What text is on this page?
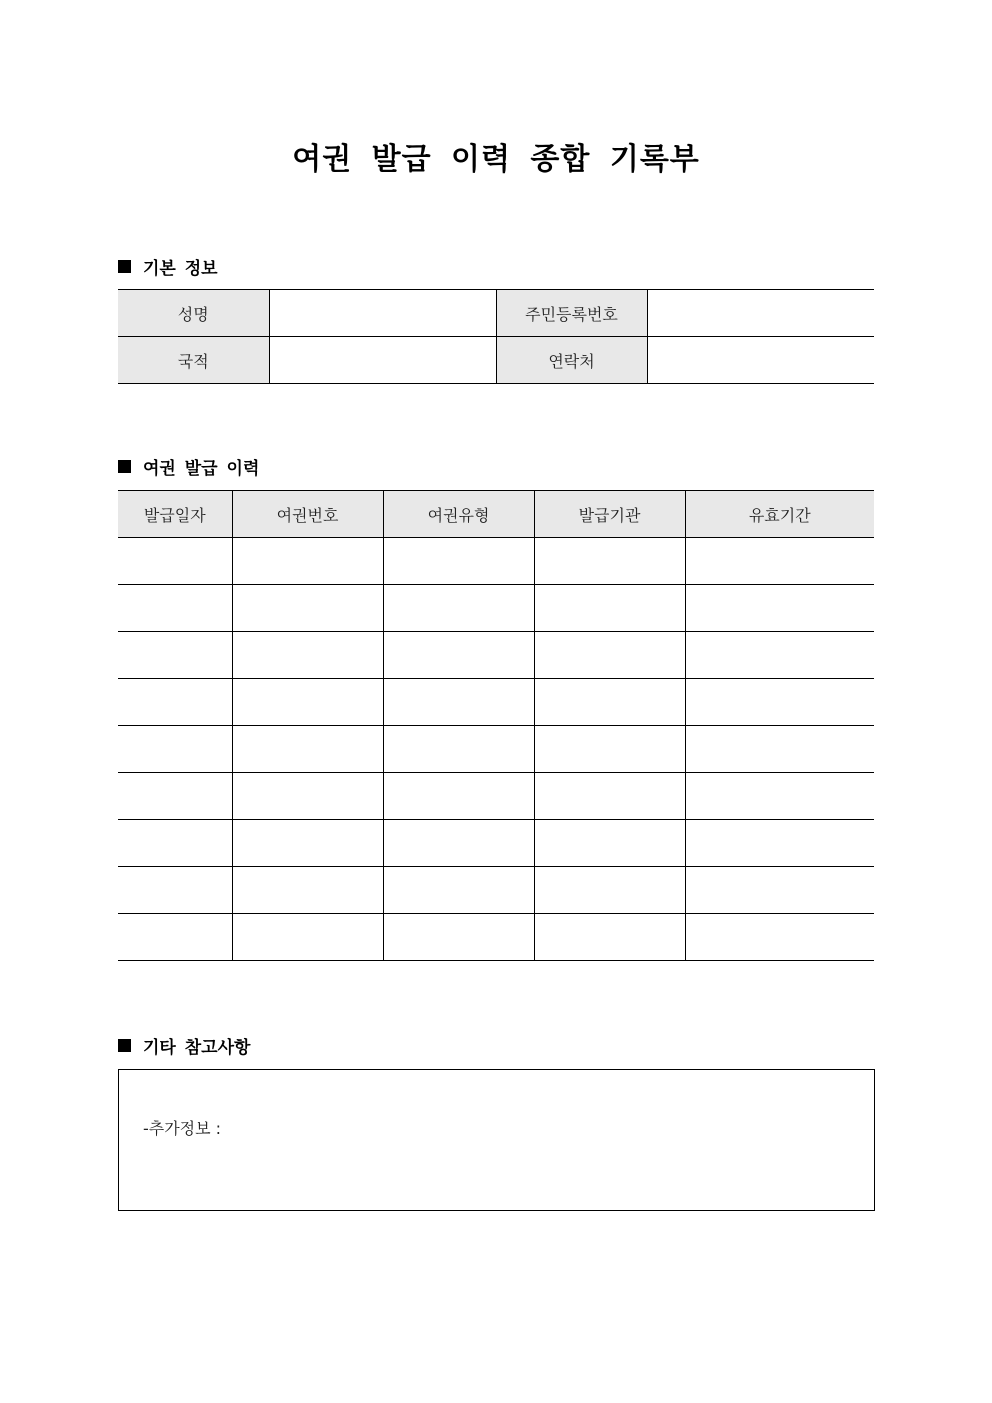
여권 발급 이력 종합 기록부
기본 정보
성명		주민등록번호	
국적		연락처	
여권 발급 이력
발급일자	여권번호	여권유형	발급기관	유효기간

기타 참고사항
-추가정보 :
